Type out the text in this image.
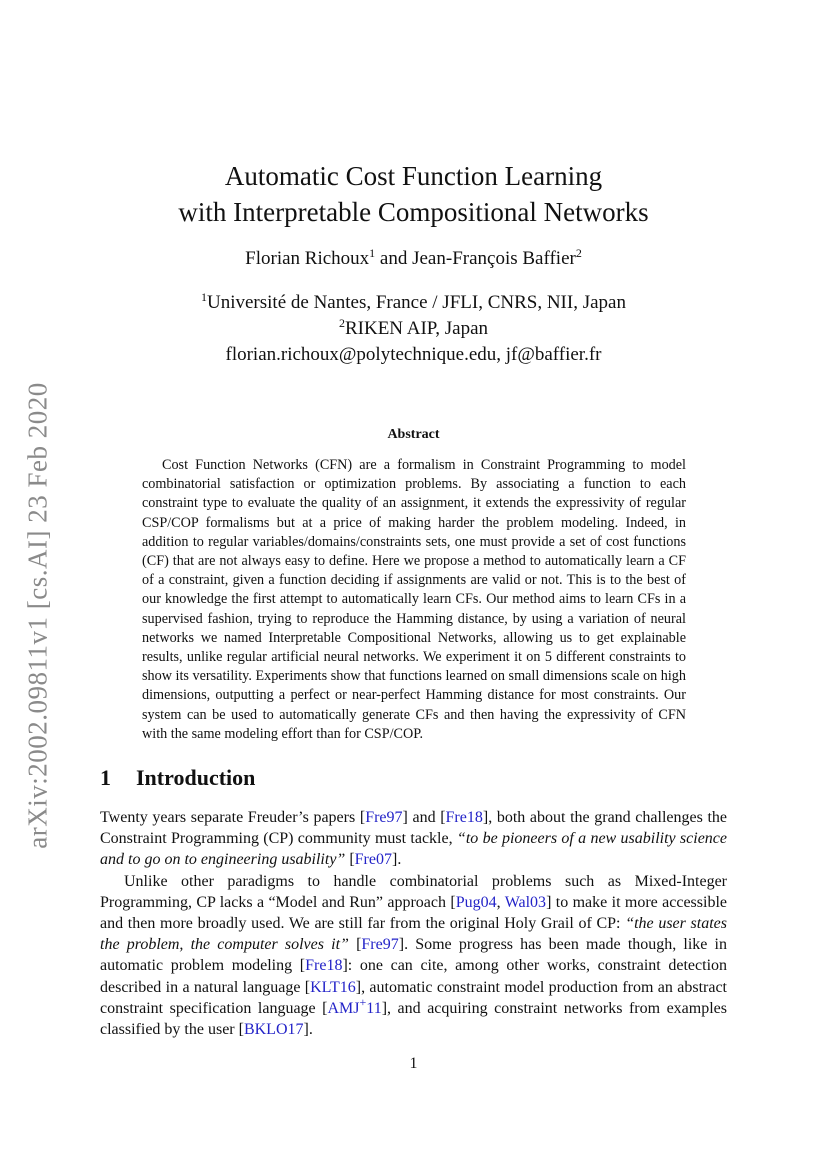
arXiv:2002.09811v1 [cs.AI] 23 Feb 2020
Automatic Cost Function Learning
with Interpretable Compositional Networks
Florian Richoux$^1$ and Jean-François Baffier$^2$
$^1$Université de Nantes, France / JFLI, CNRS, NII, Japan
$^2$RIKEN AIP, Japan
florian.richoux@polytechnique.edu, jf@baffier.fr
Abstract

Cost Function Networks (CFN) are a formalism in Constraint Programming to model combinatorial satisfaction or optimization problems. By associating a function to each constraint type to evaluate the quality of an assignment, it extends the expressivity of regular CSP/COP formalisms but at a price of making harder the problem modeling. Indeed, in addition to regular variables/domains/constraints sets, one must provide a set of cost functions (CF) that are not always easy to define. Here we propose a method to automatically learn a CF of a constraint, given a function deciding if assignments are valid or not. This is to the best of our knowledge the first attempt to automatically learn CFs. Our method aims to learn CFs in a supervised fashion, trying to reproduce the Hamming distance, by using a variation of neural networks we named Interpretable Compositional Networks, allowing us to get explainable results, unlike regular artificial neural networks. We experiment it on 5 different constraints to show its versatility. Experiments show that functions learned on small dimensions scale on high dimensions, outputting a perfect or near-perfect Hamming distance for most constraints. Our system can be used to automatically generate CFs and then having the expressivity of CFN with the same modeling effort than for CSP/COP.

1 Introduction

Twenty years separate Freuder’s papers [Fre97] and [Fre18], both about the grand challenges the Constraint Programming (CP) community must tackle, “to be pioneers of a new usability science and to go on to engineering usability” [Fre07].

Unlike other paradigms to handle combinatorial problems such as Mixed-Integer Programming, CP lacks a “Model and Run” approach [Pug04, Wal03] to make it more accessible and then more broadly used. We are still far from the original Holy Grail of CP: “the user states the problem, the computer solves it” [Fre97]. Some progress has been made though, like in automatic problem modeling [Fre18]: one can cite, among other works, constraint detection described in a natural language [KLT16], automatic constraint model production from an abstract constraint specification language [AMJ+11], and acquiring constraint networks from examples classified by the user [BKLO17].

1
